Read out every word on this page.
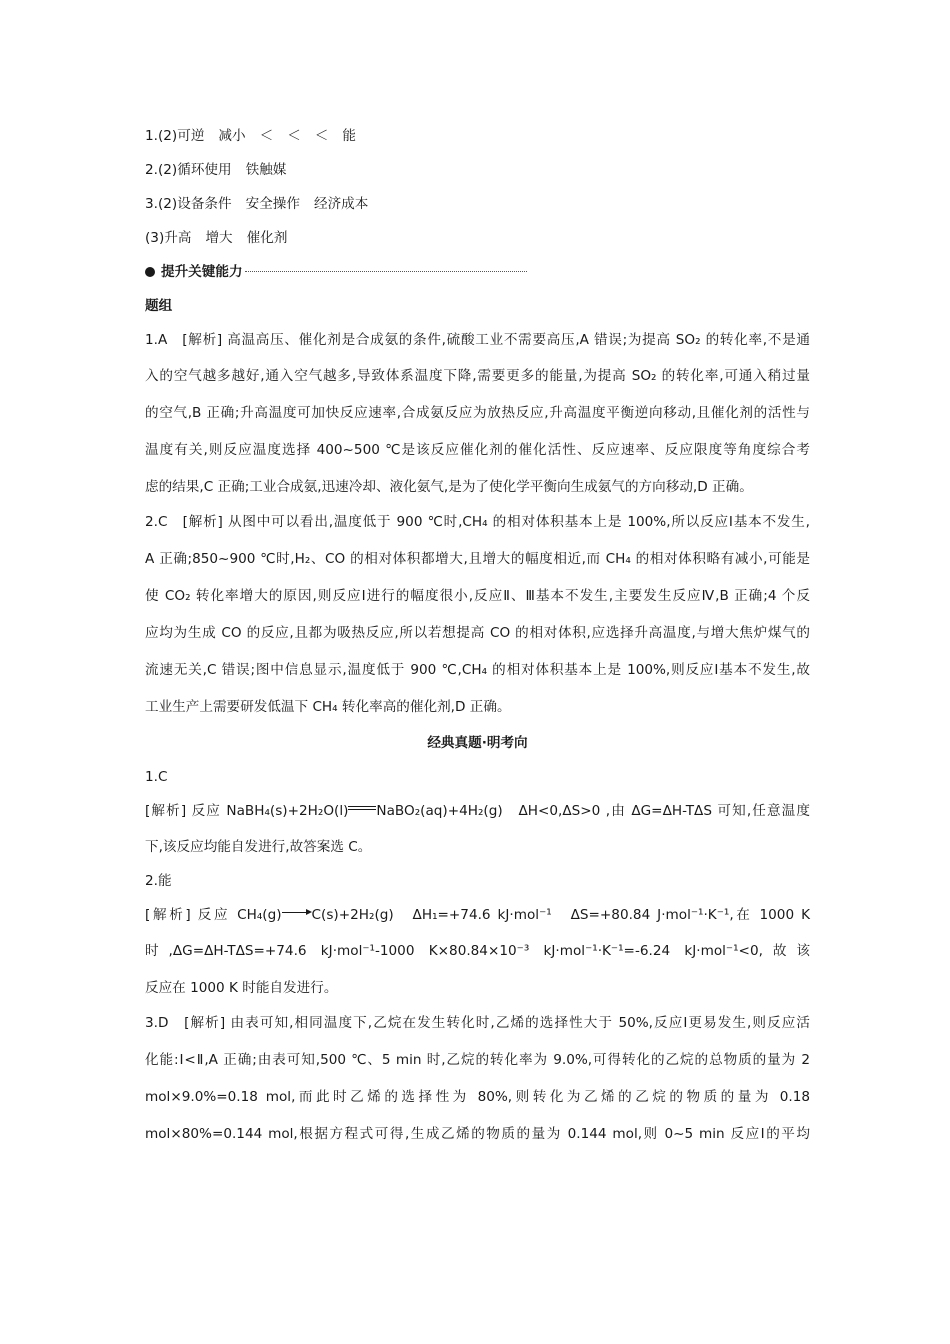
1.(2)可逆 减小 ＜ ＜ ＜ 能
2.(2)循环使用 铁触媒
3.(2)设备条件 安全操作 经济成本
(3)升高 增大 催化剂
提升关键能力
题组
1.A　[解析] 高温高压、催化剂是合成氨的条件,硫酸工业不需要高压,A 错误;为提高 SO₂ 的转化率,不是通
入的空气越多越好,通入空气越多,导致体系温度下降,需要更多的能量,为提高 SO₂ 的转化率,可通入稍过量
的空气,B 正确;升高温度可加快反应速率,合成氨反应为放热反应,升高温度平衡逆向移动,且催化剂的活性与
温度有关,则反应温度选择 400~500 ℃是该反应催化剂的催化活性、反应速率、反应限度等角度综合考
虑的结果,C 正确;工业合成氨,迅速冷却、液化氨气,是为了使化学平衡向生成氨气的方向移动,D 正确。
2.C　[解析] 从图中可以看出,温度低于 900 ℃时,CH₄ 的相对体积基本上是 100%,所以反应Ⅰ基本不发生,
A 正确;850~900 ℃时,H₂、CO 的相对体积都增大,且增大的幅度相近,而 CH₄ 的相对体积略有减小,可能是
使 CO₂ 转化率增大的原因,则反应Ⅰ进行的幅度很小,反应Ⅱ、Ⅲ基本不发生,主要发生反应Ⅳ,B 正确;4 个反
应均为生成 CO 的反应,且都为吸热反应,所以若想提高 CO 的相对体积,应选择升高温度,与增大焦炉煤气的
流速无关,C 错误;图中信息显示,温度低于 900 ℃,CH₄ 的相对体积基本上是 100%,则反应Ⅰ基本不发生,故
工业生产上需要研发低温下 CH₄ 转化率高的催化剂,D 正确。
经典真题·明考向
1.C
[解析] 反应 NaBH₄(s)+2H₂O(l) NaBO₂(aq)+4H₂(g)　ΔH<0,ΔS>0 ,由 ΔG=ΔH-TΔS 可知,任意温度
下,该反应均能自发进行,故答案选 C。
2.能
[解析] 反应 CH₄(g) C(s)+2H₂(g)　ΔH₁=+74.6 kJ·mol⁻¹　ΔS=+80.84 J·mol⁻¹·K⁻¹,在 1000 K
时,ΔG=ΔH-TΔS=+74.6 kJ·mol⁻¹-1000 K×80.84×10⁻³ kJ·mol⁻¹·K⁻¹=-6.24 kJ·mol⁻¹<0,故该
反应在 1000 K 时能自发进行。
3.D　[解析] 由表可知,相同温度下,乙烷在发生转化时,乙烯的选择性大于 50%,反应Ⅰ更易发生,则反应活
化能:Ⅰ<Ⅱ,A 正确;由表可知,500 ℃、5 min 时,乙烷的转化率为 9.0%,可得转化的乙烷的总物质的量为 2
mol×9.0%=0.18 mol,而此时乙烯的选择性为 80%,则转化为乙烯的乙烷的物质的量为 0.18
mol×80%=0.144 mol,根据方程式可得,生成乙烯的物质的量为 0.144 mol,则 0~5 min 反应Ⅰ的平均
